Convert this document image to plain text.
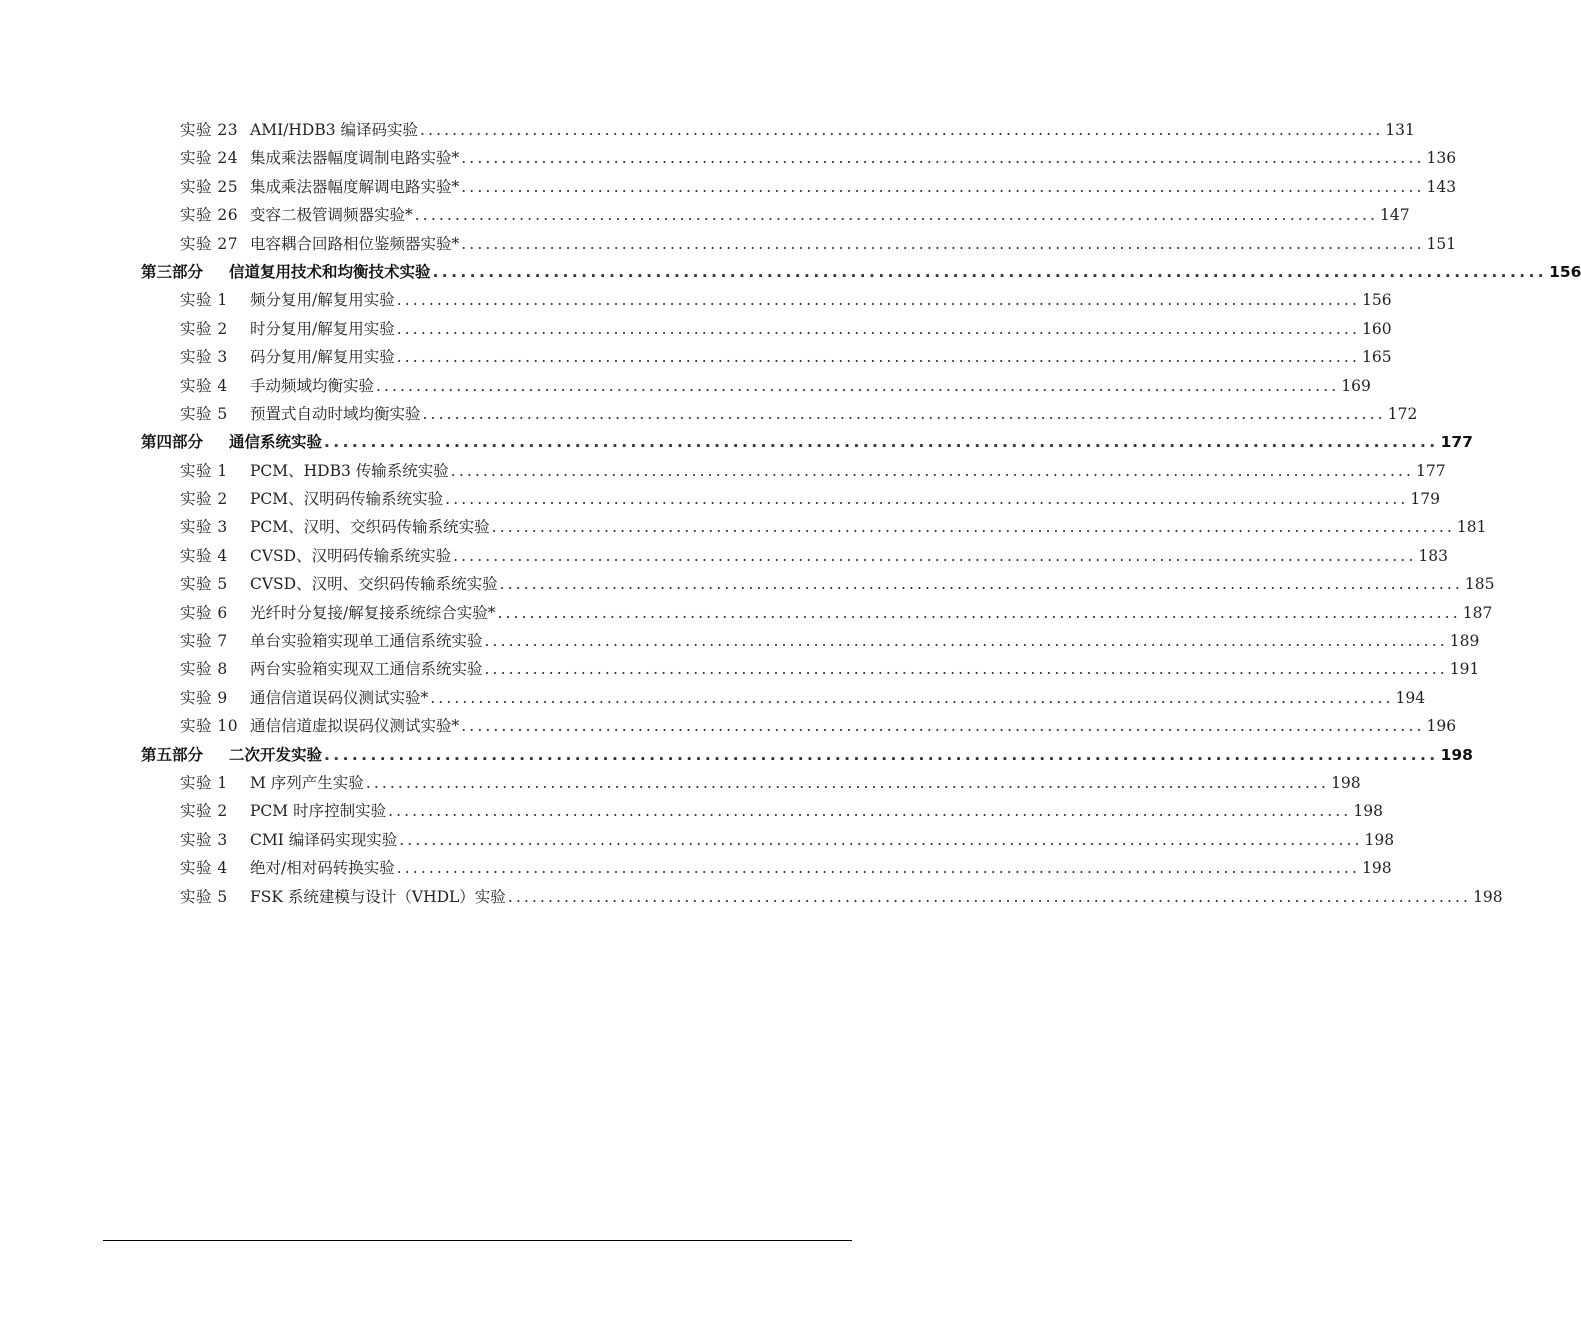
实验 23 AMI/HDB3 编译码实验 ........................................................................................................................ 131
实验 24 集成乘法器幅度调制电路实验* ........................................................................................................................ 136
实验 25 集成乘法器幅度解调电路实验* ........................................................................................................................ 143
实验 26 变容二极管调频器实验* ........................................................................................................................ 147
实验 27 电容耦合回路相位鉴频器实验* ........................................................................................................................ 151
第三部分	信道复用技术和均衡技术实验 ........................................................................................................................ 156
实验 1	频分复用/解复用实验 ........................................................................................................................ 156
实验 2	时分复用/解复用实验 ........................................................................................................................ 160
实验 3	码分复用/解复用实验 ........................................................................................................................ 165
实验 4	手动频域均衡实验 ........................................................................................................................ 169
实验 5	预置式自动时域均衡实验 ........................................................................................................................ 172
第四部分	通信系统实验 ........................................................................................................................ 177
实验 1	PCM、HDB3 传输系统实验 ........................................................................................................................ 177
实验 2	PCM、汉明码传输系统实验 ........................................................................................................................ 179
实验 3	PCM、汉明、交织码传输系统实验 ........................................................................................................................ 181
实验 4	CVSD、汉明码传输系统实验 ........................................................................................................................ 183
实验 5	CVSD、汉明、交织码传输系统实验 ........................................................................................................................ 185
实验 6	光纤时分复接/解复接系统综合实验* ........................................................................................................................ 187
实验 7	单台实验箱实现单工通信系统实验 ........................................................................................................................ 189
实验 8	两台实验箱实现双工通信系统实验 ........................................................................................................................ 191
实验 9	通信信道误码仪测试实验* ........................................................................................................................ 194
实验 10 通信信道虚拟误码仪测试实验* ........................................................................................................................ 196
第五部分	二次开发实验 ........................................................................................................................ 198
实验 1	M 序列产生实验 ........................................................................................................................ 198
实验 2	PCM 时序控制实验 ........................................................................................................................ 198
实验 3	CMI 编译码实现实验 ........................................................................................................................ 198
实验 4	绝对/相对码转换实验 ........................................................................................................................ 198
实验 5	FSK 系统建模与设计（VHDL）实验 ........................................................................................................................ 198
